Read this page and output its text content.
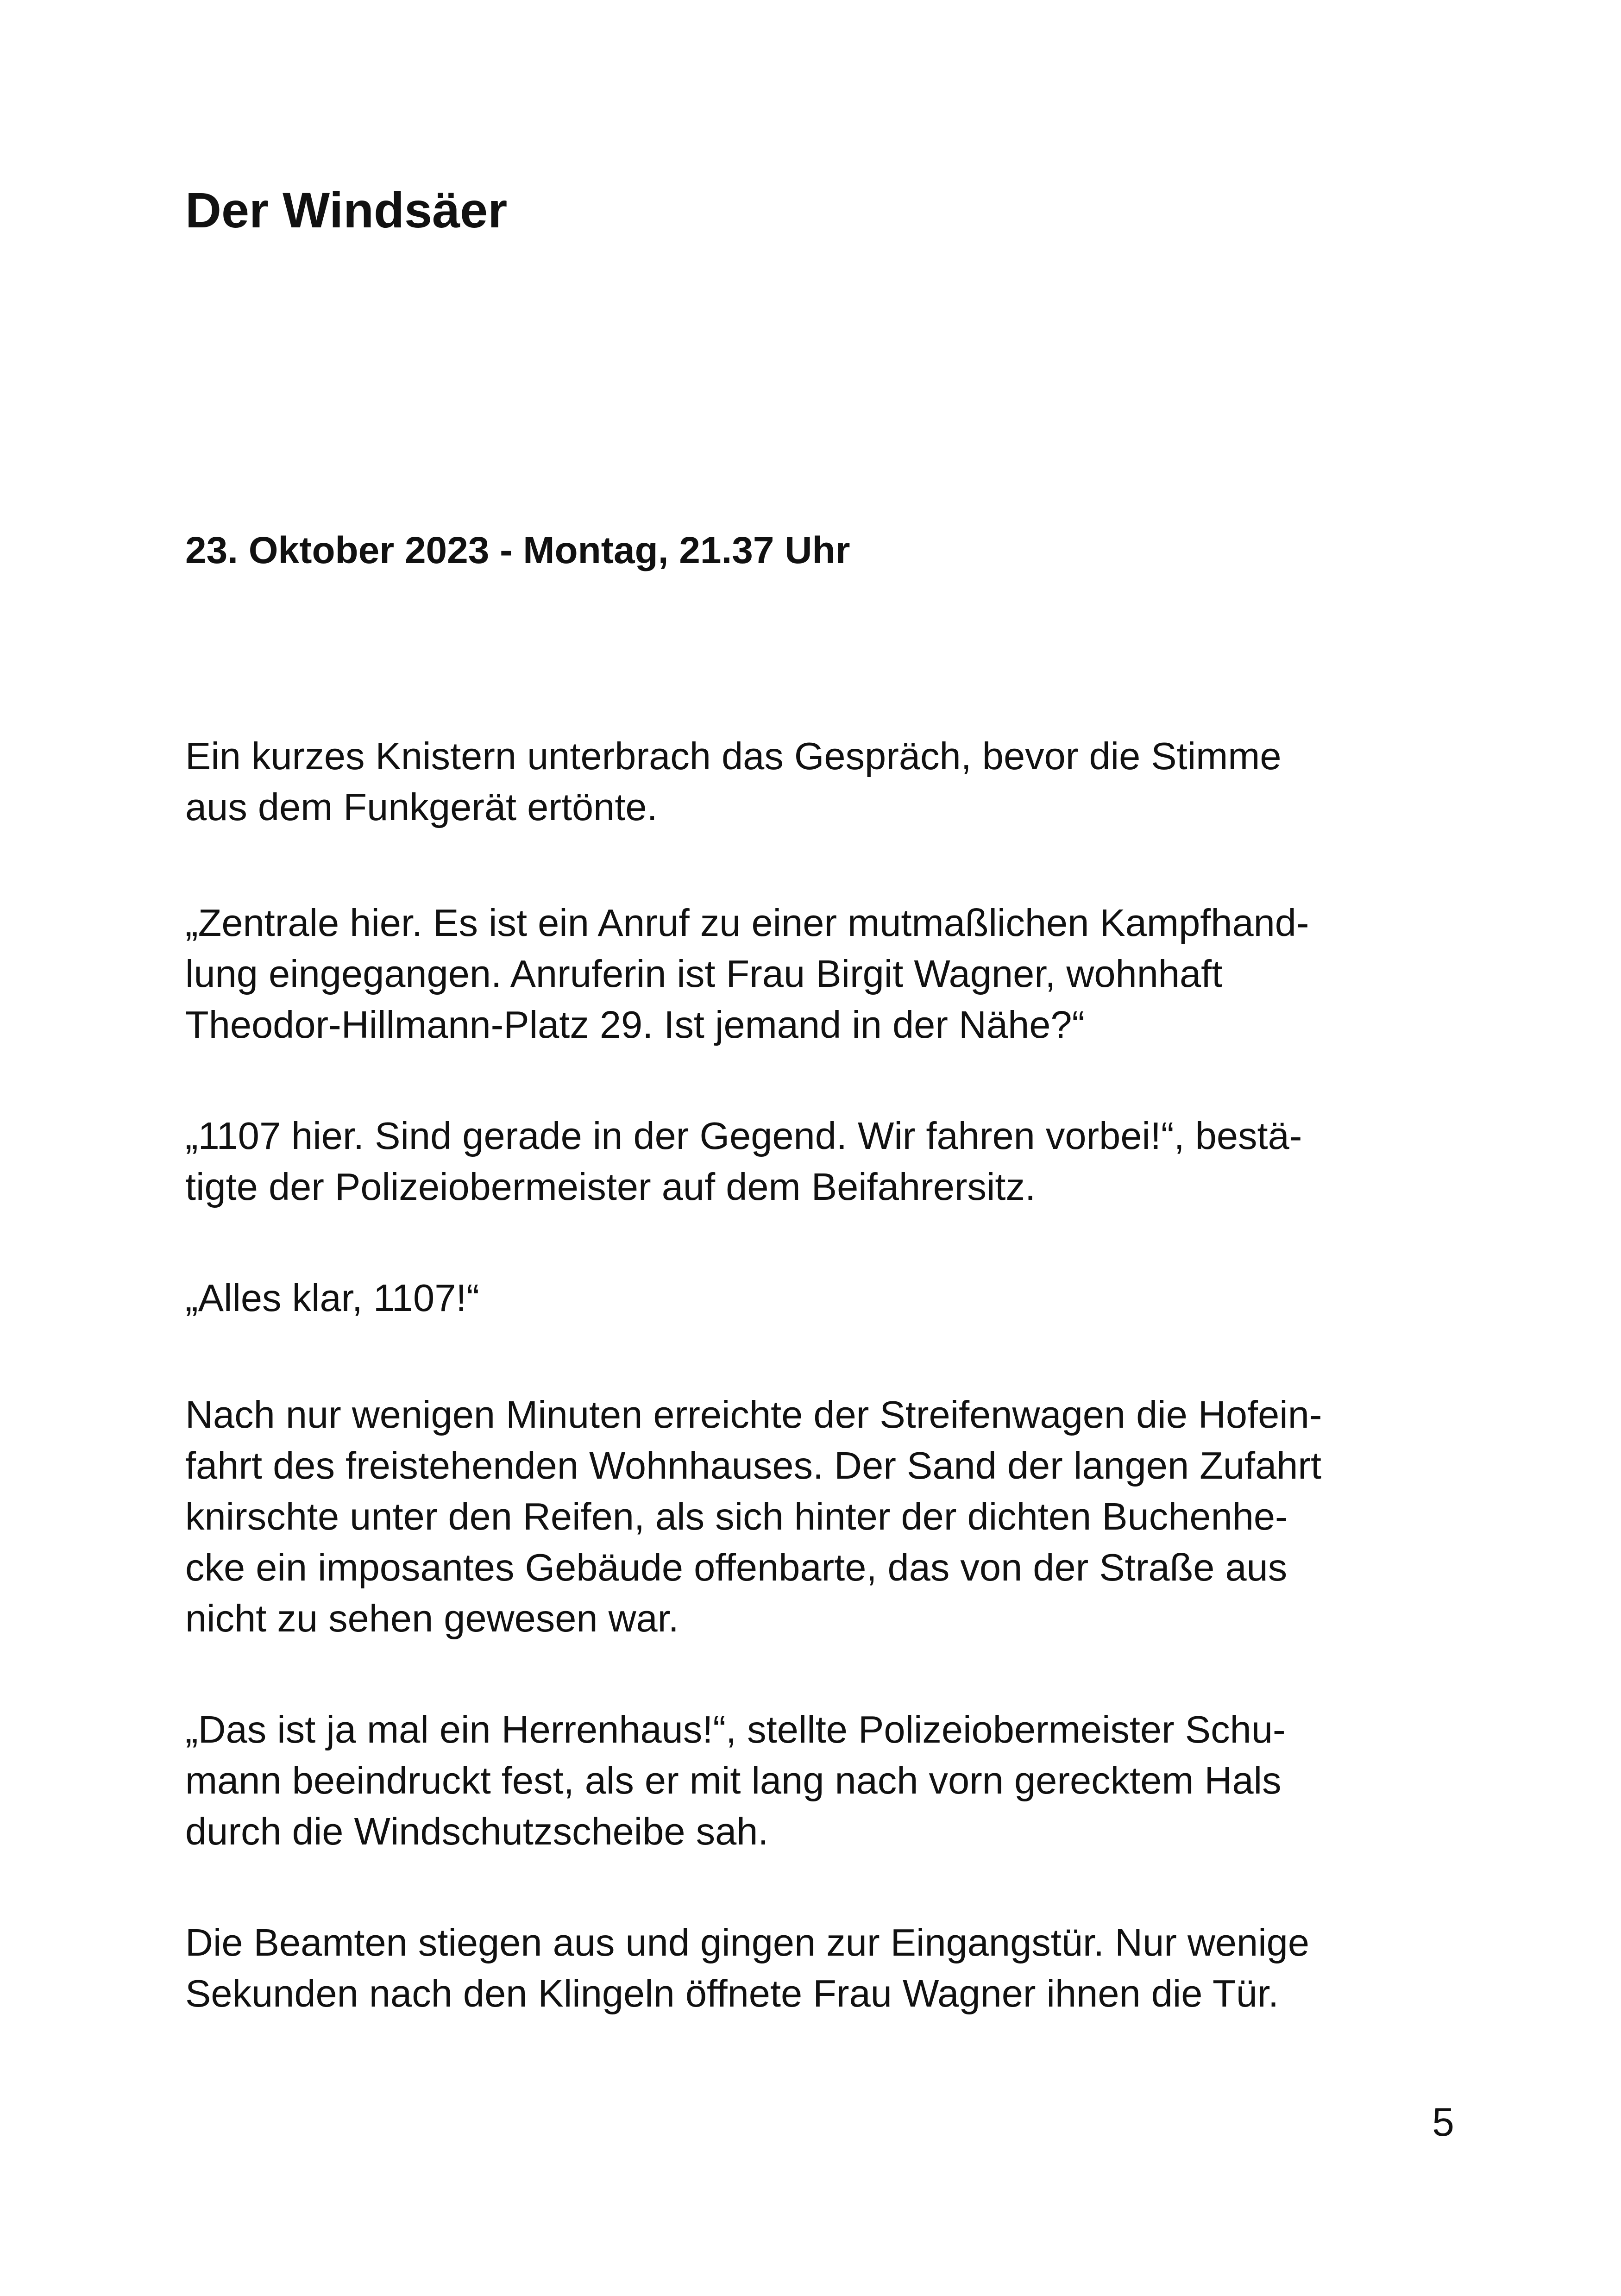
Der Windsäer
23. Oktober 2023 - Montag, 21.37 Uhr

Ein kurzes Knistern unterbrach das Gespräch, bevor die Stimme
aus dem Funkgerät ertönte.

„Zentrale hier. Es ist ein Anruf zu einer mutmaßlichen Kampfhand-
lung eingegangen. Anruferin ist Frau Birgit Wagner, wohnhaft
Theodor-Hillmann-Platz 29. Ist jemand in der Nähe?“

„1107 hier. Sind gerade in der Gegend. Wir fahren vorbei!“, bestä-
tigte der Polizeiobermeister auf dem Beifahrersitz.

„Alles klar, 1107!“

Nach nur wenigen Minuten erreichte der Streifenwagen die Hofein-
fahrt des freistehenden Wohnhauses. Der Sand der langen Zufahrt
knirschte unter den Reifen, als sich hinter der dichten Buchenhe-
cke ein imposantes Gebäude offenbarte, das von der Straße aus
nicht zu sehen gewesen war.

„Das ist ja mal ein Herrenhaus!“, stellte Polizeiobermeister Schu-
mann beeindruckt fest, als er mit lang nach vorn gerecktem Hals
durch die Windschutzscheibe sah.

Die Beamten stiegen aus und gingen zur Eingangstür. Nur wenige
Sekunden nach den Klingeln öffnete Frau Wagner ihnen die Tür.

5
